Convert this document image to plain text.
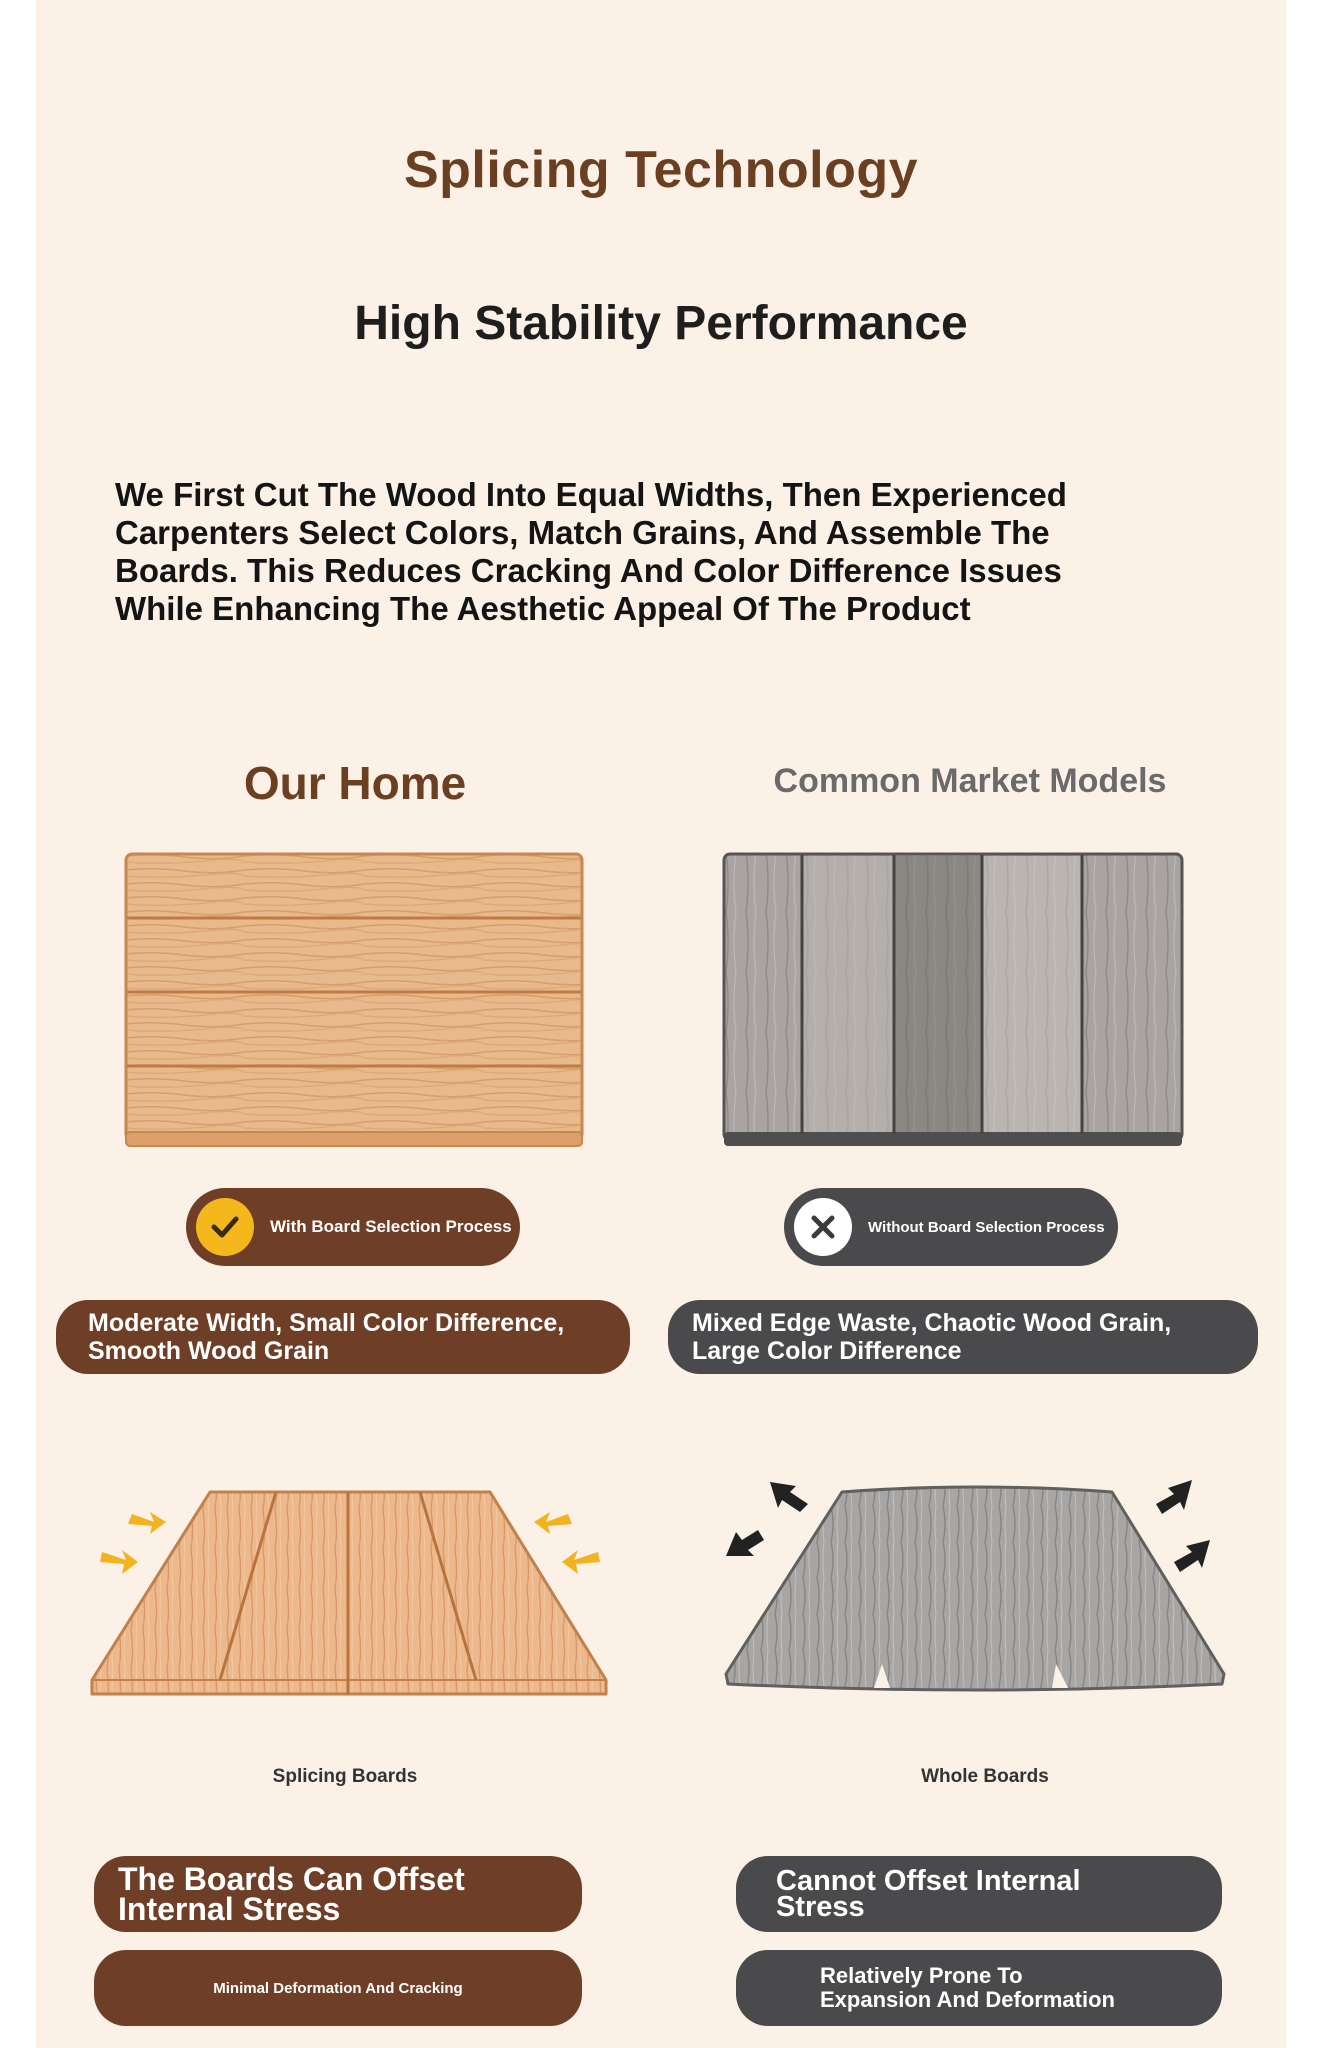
Splicing Technology
High Stability Performance
We First Cut The Wood Into Equal Widths, Then Experienced Carpenters Select Colors, Match Grains, And Assemble The Boards. This Reduces Cracking And Color Difference Issues While Enhancing The Aesthetic Appeal Of The Product
Our Home	Common Market Models
With Board Selection Process	Without Board Selection Process
Moderate Width, Small Color Difference, Smooth Wood Grain
Mixed Edge Waste, Chaotic Wood Grain, Large Color Difference
Splicing Boards	Whole Boards
The Boards Can Offset Internal Stress
Cannot Offset Internal Stress
Minimal Deformation And Cracking	Relatively Prone To Expansion And Deformation
